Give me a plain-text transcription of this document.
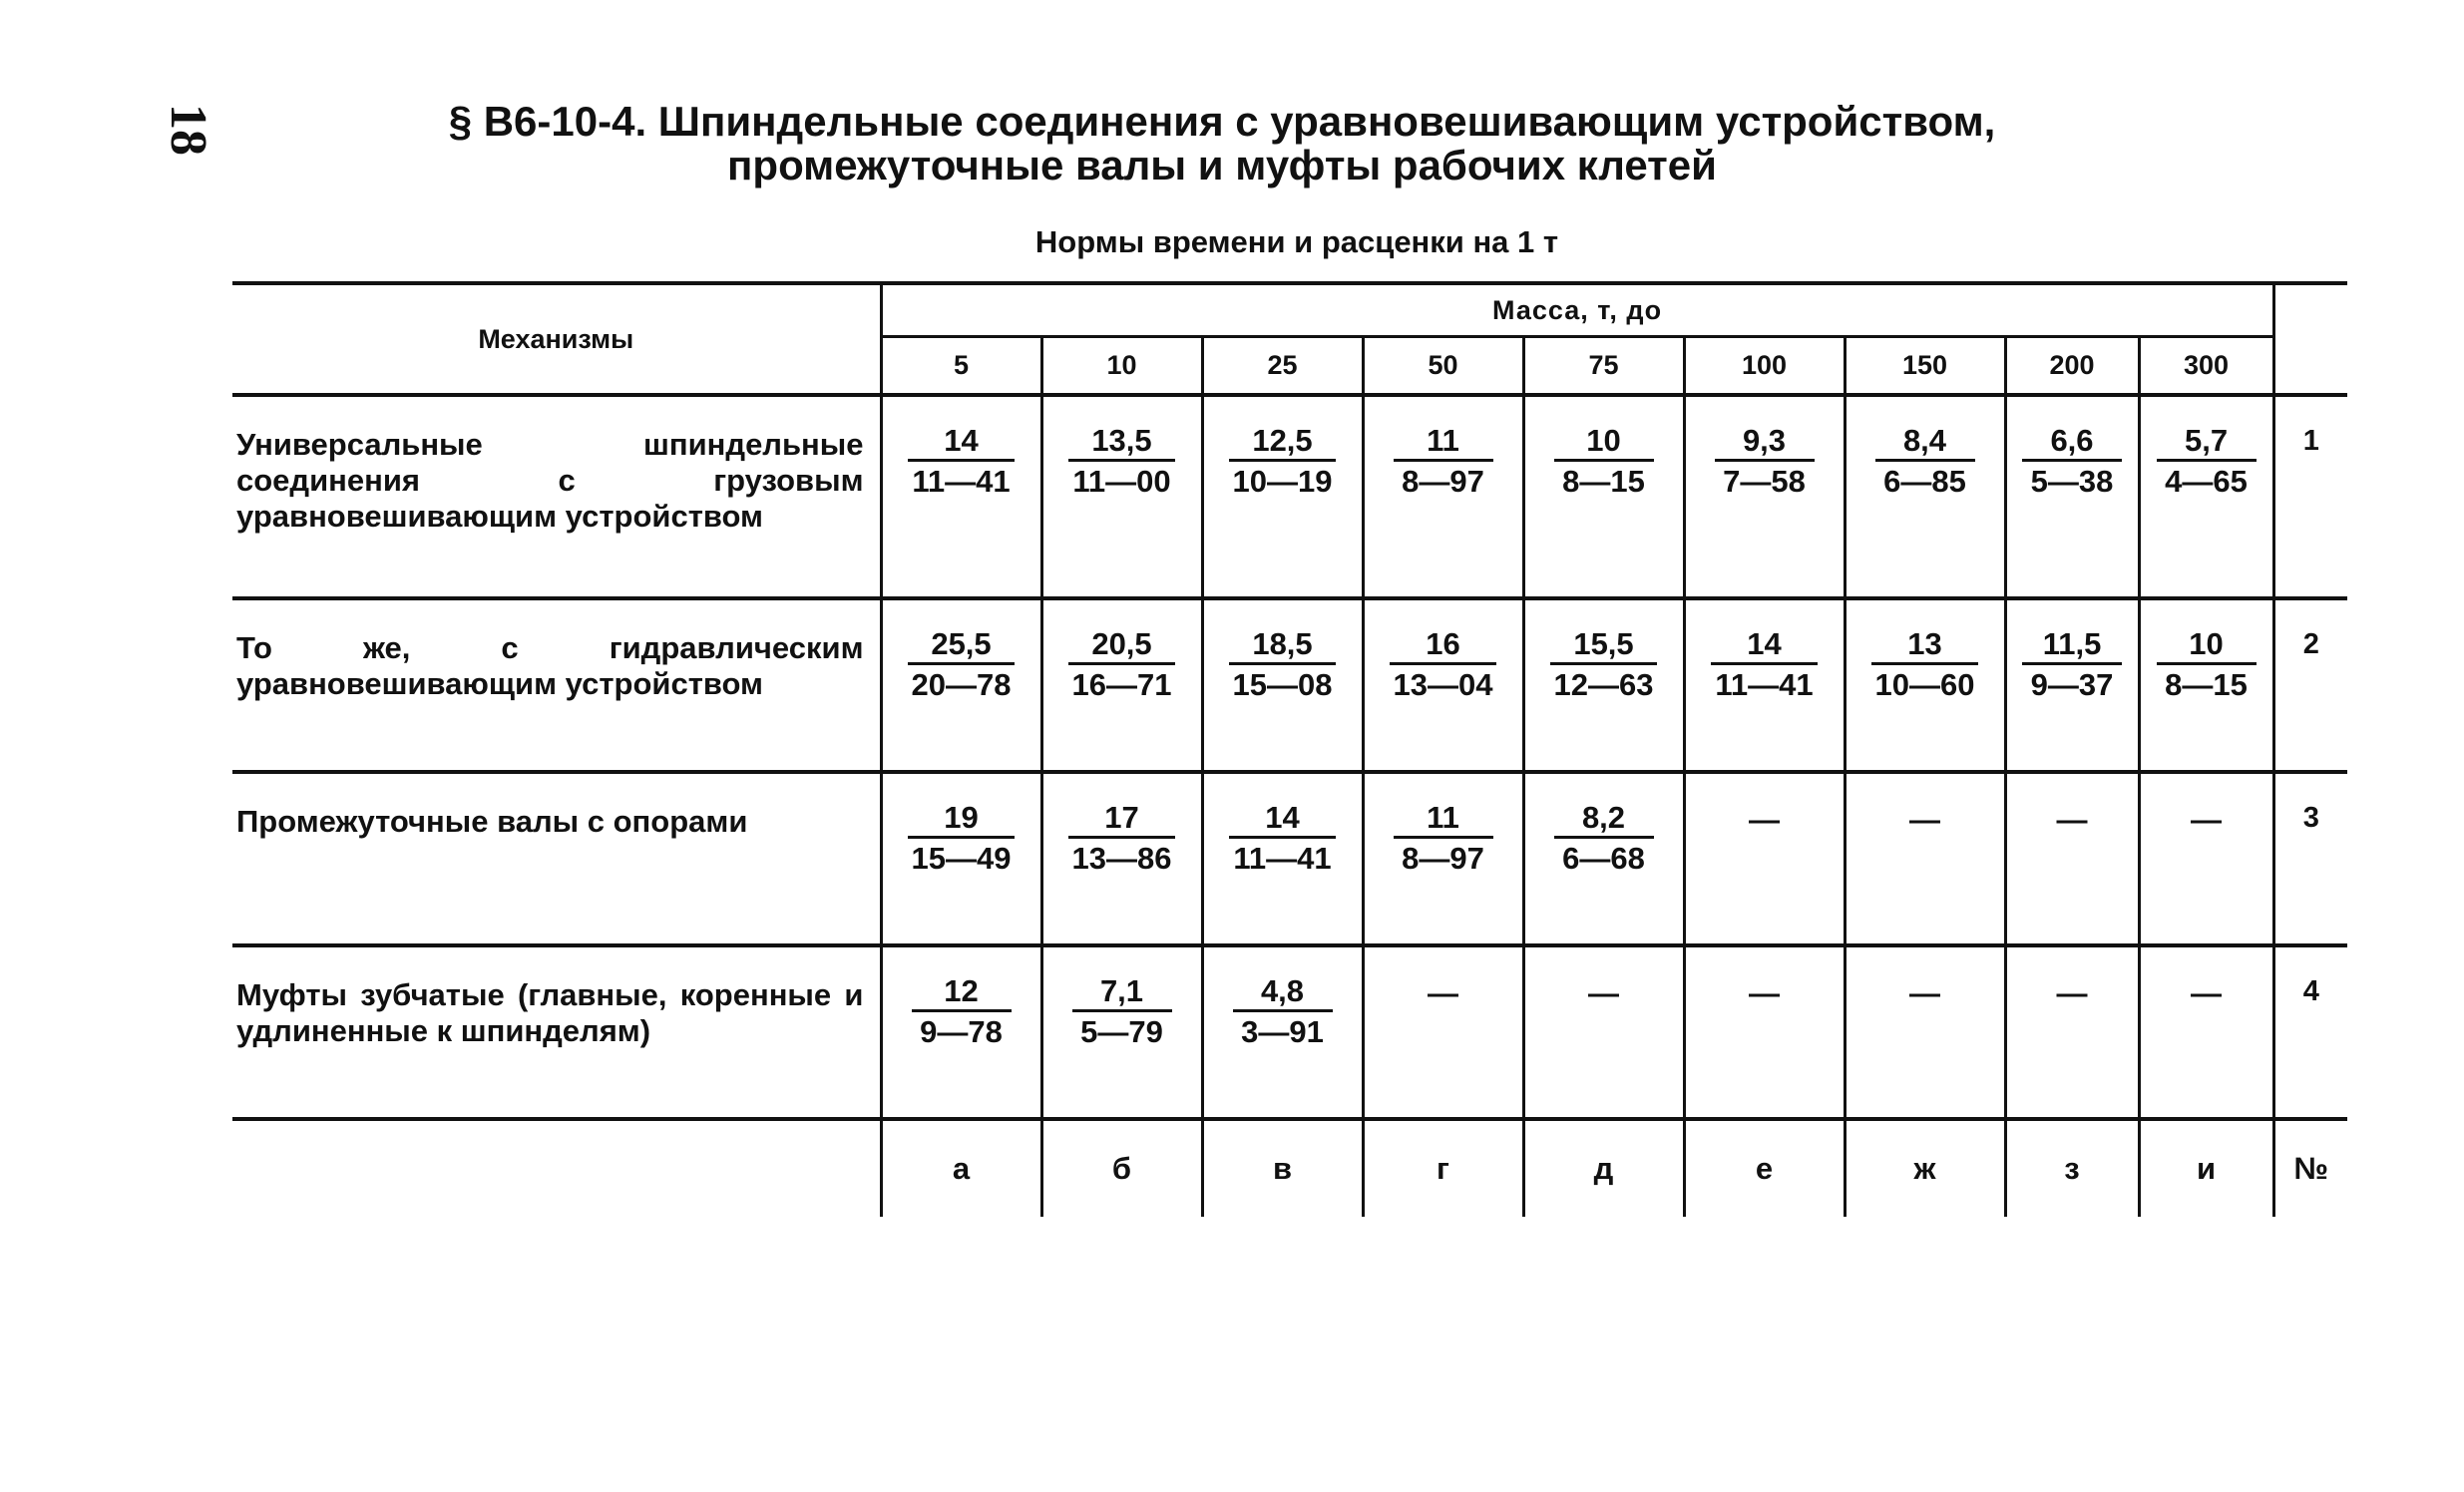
18	§ В6-10-4. Шпиндельные соединения с уравновешивающим устройством,
промежуточные валы и муфты рабочих клетей
Нормы времени и расценки на 1 т
Механизмы	Масса, т, до									
	5	10	25	50	75	100	150	200	300	
Универсальные шпиндельные соединения с грузовым уравновешивающим устройством	$\frac{14}{11—41}$	$\frac{13,5}{11—00}$	$\frac{12,5}{10—19}$	$\frac{11}{8—97}$	$\frac{10}{8—15}$	$\frac{9,3}{7—58}$	$\frac{8,4}{6—85}$	$\frac{6,6}{5—38}$	$\frac{5,7}{4—65}$	1
То же, с гидравлическим уравновешивающим устройством	$\frac{25,5}{20—78}$	$\frac{20,5}{16—71}$	$\frac{18,5}{15—08}$	$\frac{16}{13—04}$	$\frac{15,5}{12—63}$	$\frac{14}{11—41}$	$\frac{13}{10—60}$	$\frac{11,5}{9—37}$	$\frac{10}{8—15}$	2
Промежуточные валы с опорами	$\frac{19}{15—49}$	$\frac{17}{13—86}$	$\frac{14}{11—41}$	$\frac{11}{8—97}$	$\frac{8,2}{6—68}$	—	—	—	—	3
Муфты зубчатые (главные, коренные и удлиненные к шпинделям)	$\frac{12}{9—78}$	$\frac{7,1}{5—79}$	$\frac{4,8}{3—91}$	—	—	—	—	—	—	4
	а	б	в	г	д	е	ж	з	и	№
